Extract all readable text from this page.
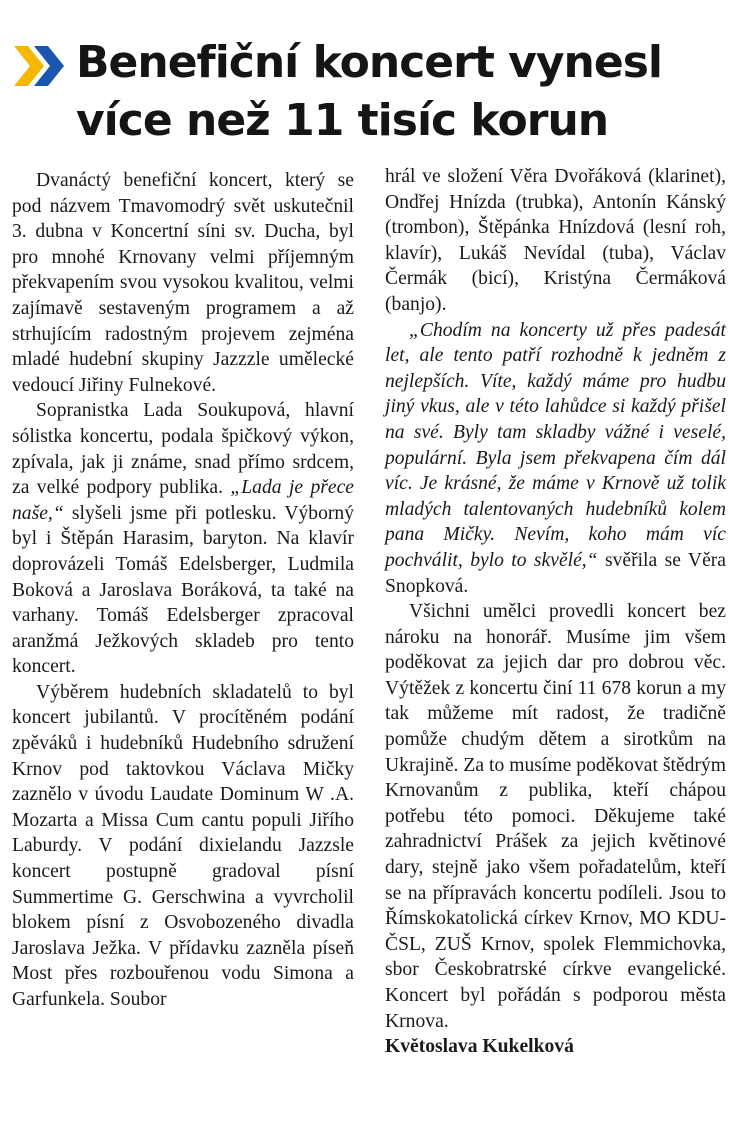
Benefiční koncert vynesl
více než 11 tisíc korun

Dvanáctý benefiční koncert, který se pod názvem Tmavomodrý svět uskutečnil 3. dubna v Koncertní síni sv. Ducha, byl pro mnohé Krnovany velmi příjemným překvapením svou vysokou kvalitou, velmi zajímavě sestaveným programem a až strhujícím radostným projevem zejména mladé hudební skupiny Jazzzle umělecké vedoucí Jiřiny Fulnekové.

Sopranistka Lada Soukupová, hlavní sólistka koncertu, podala špičkový výkon, zpívala, jak ji známe, snad přímo srdcem, za velké podpory publika. „Lada je přece naše,“ slyšeli jsme při potlesku. Výborný byl i Štěpán Harasim, baryton. Na klavír doprovázeli Tomáš Edelsberger, Ludmila Boková a Jaroslava Boráková, ta také na varhany. Tomáš Edelsberger zpracoval aranžmá Ježkových skladeb pro tento koncert.

Výběrem hudebních skladatelů to byl koncert jubilantů. V procítěném podání zpěváků i hudebníků Hudebního sdružení Krnov pod taktovkou Václava Mičky zaznělo v úvodu Laudate Dominum W .A. Mozarta a Missa Cum cantu populi Jiřího Laburdy. V podání dixielandu Jazzsle koncert postupně gradoval písní Summertime G. Gerschwina a vyvrcholil blokem písní z Osvobozeného divadla Jaroslava Ježka. V přídavku zazněla píseň Most přes rozbouřenou vodu Simona a Garfunkela. Soubor

hrál ve složení Věra Dvořáková (klarinet), Ondřej Hnízda (trubka), Antonín Kánský (trombon), Štěpánka Hnízdová (lesní roh, klavír), Lukáš Nevídal (tuba), Václav Čermák (bicí), Kristýna Čermáková (banjo).

„Chodím na koncerty už přes padesát let, ale tento patří rozhodně k jedněm z nejlepších. Víte, každý máme pro hudbu jiný vkus, ale v této lahůdce si každý přišel na své. Byly tam skladby vážné i veselé, populární. Byla jsem překvapena čím dál víc. Je krásné, že máme v Krnově už tolik mladých talentovaných hudebníků kolem pana Mičky. Nevím, koho mám víc pochválit, bylo to skvělé,“ svěřila se Věra Snopková.

Všichni umělci provedli koncert bez nároku na honorář. Musíme jim všem poděkovat za jejich dar pro dobrou věc. Výtěžek z koncertu činí 11 678 korun a my tak můžeme mít radost, že tradičně pomůže chudým dětem a sirotkům na Ukrajině. Za to musíme poděkovat štědrým Krnovanům z publika, kteří chápou potřebu této pomoci. Děkujeme také zahradnictví Prášek za jejich květinové dary, stejně jako všem pořadatelům, kteří se na přípravách koncertu podíleli. Jsou to Římskokatolická církev Krnov, MO KDU-ČSL, ZUŠ Krnov, spolek Flemmichovka, sbor Českobratrské církve evangelické. Koncert byl pořádán s podporou města Krnova.

Květoslava Kukelková
